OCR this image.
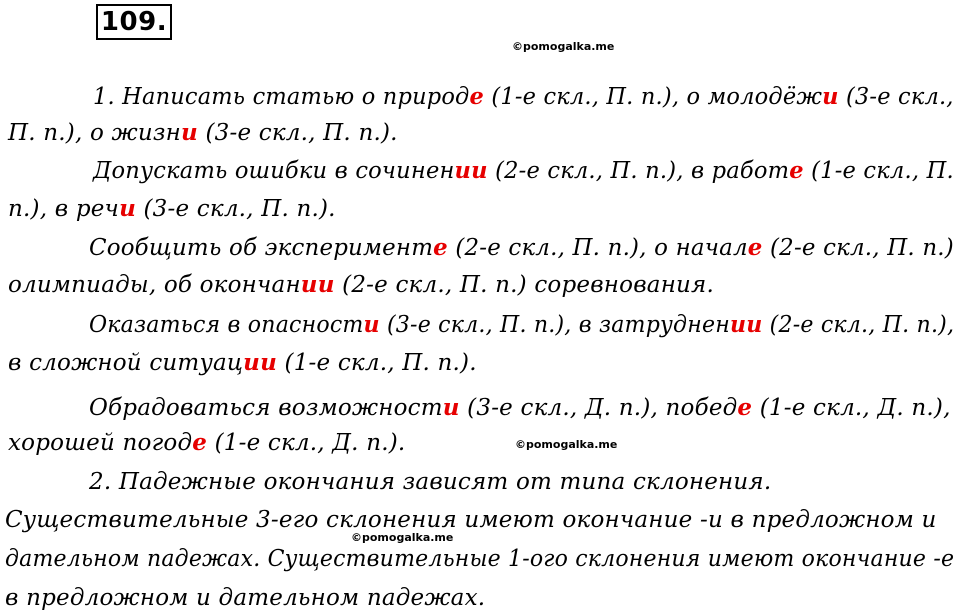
109.
©pomogalka.me
©pomogalka.me
©pomogalka.me
1. Написать статью о природе (1-е скл., П. п.), о молодёжи (3-е скл.,
П. п.), о жизни (3-е скл., П. п.).
Допускать ошибки в сочинении (2-е скл., П. п.), в работе (1-е скл., П.
п.), в речи (3-е скл., П. п.).
Сообщить об эксперименте (2-е скл., П. п.), о начале (2-е скл., П. п.)
олимпиады, об окончании (2-е скл., П. п.) соревнования.
Оказаться в опасности (3-е скл., П. п.), в затруднении (2-е скл., П. п.),
в сложной ситуации (1-е скл., П. п.).
Обрадоваться возможности (3-е скл., Д. п.), победе (1-е скл., Д. п.),
хорошей погоде (1-е скл., Д. п.).
2. Падежные окончания зависят от типа склонения.
Существительные 3-его склонения имеют окончание -и в предложном и
дательном падежах. Существительные 1-ого склонения имеют окончание -е
в предложном и дательном падежах.
